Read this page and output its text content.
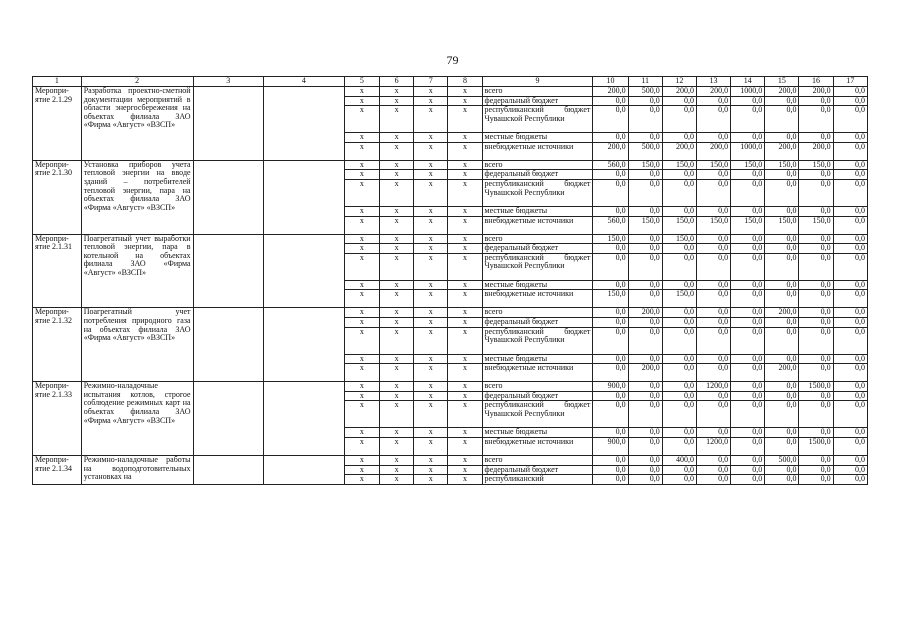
79
1	2	3	4	5	6	7	8	9	10	11	12	13	14	15	16	17
Меропри-ятие 2.1.29	Разработка проектно-сметной документации мероприятий в области энергосбережения на объектах филиала ЗАО «Фирма «Август» «ВЗСП»			x	x	x	x	всего	200,0	500,0	200,0	200,0	1000,0	200,0	200,0	0,0
				x	x	x	x	федеральный бюджет	0,0	0,0	0,0	0,0	0,0	0,0	0,0	0,0
				x	x	x	x	республиканский бюджет Чувашской Республики	0,0	0,0	0,0	0,0	0,0	0,0	0,0	0,0
				x	x	x	x	местные бюджеты	0,0	0,0	0,0	0,0	0,0	0,0	0,0	0,0
				x	x	x	x	внебюджетные источники	200,0	500,0	200,0	200,0	1000,0	200,0	200,0	0,0
Меропри-ятие 2.1.30	Установка приборов учета тепловой энергии на вводе зданий – потребителей тепловой энергии, пара на объектах филиала ЗАО «Фирма «Август» «ВЗСП»			x	x	x	x	всего	560,0	150,0	150,0	150,0	150,0	150,0	150,0	0,0
				x	x	x	x	федеральный бюджет	0,0	0,0	0,0	0,0	0,0	0,0	0,0	0,0
				x	x	x	x	республиканский бюджет Чувашской Республики	0,0	0,0	0,0	0,0	0,0	0,0	0,0	0,0
				x	x	x	x	местные бюджеты	0,0	0,0	0,0	0,0	0,0	0,0	0,0	0,0
				x	x	x	x	внебюджетные источники	560,0	150,0	150,0	150,0	150,0	150,0	150,0	0,0
Меропри-ятие 2.1.31	Поагрегатный учет выработки тепловой энергии, пара в котельной на объектах филиала ЗАО «Фирма «Август» «ВЗСП»			x	x	x	x	всего	150,0	0,0	150,0	0,0	0,0	0,0	0,0	0,0
				x	x	x	x	федеральный бюджет	0,0	0,0	0,0	0,0	0,0	0,0	0,0	0,0
				x	x	x	x	республиканский бюджет Чувашской Республики	0,0	0,0	0,0	0,0	0,0	0,0	0,0	0,0
				x	x	x	x	местные бюджеты	0,0	0,0	0,0	0,0	0,0	0,0	0,0	0,0
				x	x	x	x	внебюджетные источники	150,0	0,0	150,0	0,0	0,0	0,0	0,0	0,0
Меропри-ятие 2.1.32	Поагрегатный учет потребления природного газа на объектах филиала ЗАО «Фирма «Август» «ВЗСП»			x	x	x	x	всего	0,0	200,0	0,0	0,0	0,0	200,0	0,0	0,0
				x	x	x	x	федеральный бюджет	0,0	0,0	0,0	0,0	0,0	0,0	0,0	0,0
				x	x	x	x	республиканский бюджет Чувашской Республики	0,0	0,0	0,0	0,0	0,0	0,0	0,0	0,0
				x	x	x	x	местные бюджеты	0,0	0,0	0,0	0,0	0,0	0,0	0,0	0,0
				x	x	x	x	внебюджетные источники	0,0	200,0	0,0	0,0	0,0	200,0	0,0	0,0
Меропри-ятие 2.1.33	Режимно-наладочные испытания котлов, строгое соблюдение режимных карт на объектах филиала ЗАО «Фирма «Август» «ВЗСП»			x	x	x	x	всего	900,0	0,0	0,0	1200,0	0,0	0,0	1500,0	0,0
				x	x	x	x	федеральный бюджет	0,0	0,0	0,0	0,0	0,0	0,0	0,0	0,0
				x	x	x	x	республиканский бюджет Чувашской Республики	0,0	0,0	0,0	0,0	0,0	0,0	0,0	0,0
				x	x	x	x	местные бюджеты	0,0	0,0	0,0	0,0	0,0	0,0	0,0	0,0
				x	x	x	x	внебюджетные источники	900,0	0,0	0,0	1200,0	0,0	0,0	1500,0	0,0
Меропри-ятие 2.1.34	Режимно-наладочные работы на водоподготовительных установках на			x	x	x	x	всего	0,0	0,0	400,0	0,0	0,0	500,0	0,0	0,0
				x	x	x	x	федеральный бюджет	0,0	0,0	0,0	0,0	0,0	0,0	0,0	0,0
				x	x	x	x	республиканский	0,0	0,0	0,0	0,0	0,0	0,0	0,0	0,0
